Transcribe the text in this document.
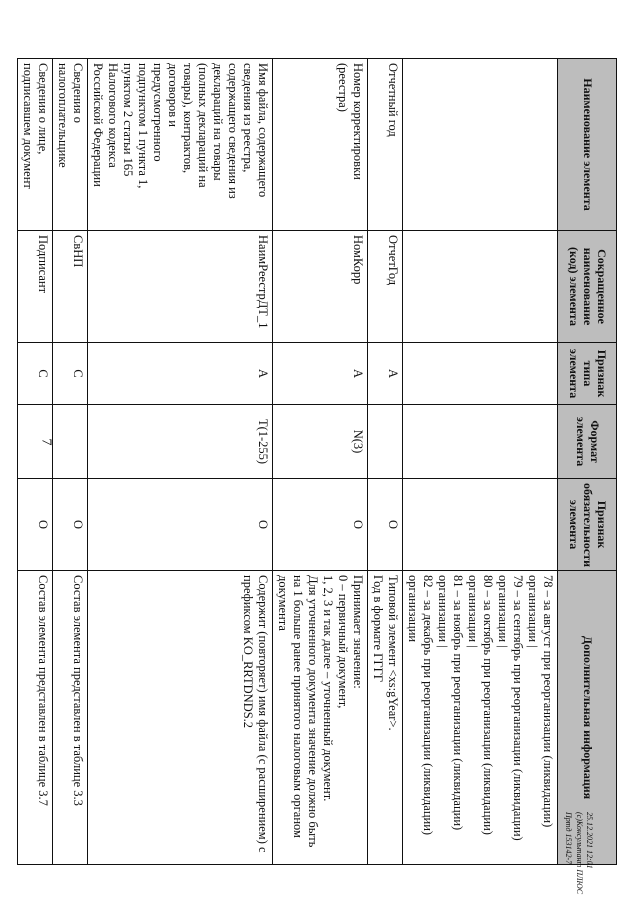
7
Наименование элемента	Сокращенное наименование (код) элемента	Признак типа элемента	Формат элемента	Признак обязательности элемента	Дополнительная информация

					78 – за август при реорганизации (ликвидации) организации |
79 – за сентябрь при реорганизации (ликвидации) организации |
80 – за октябрь при реорганизации (ликвидации) организации |
81 – за ноябрь при реорганизации (ликвидации) организации |
82 – за декабрь при реорганизации (ликвидации) организации

Отчетный год	ОтчетГод	А		О	Типовой элемент <xs:gYear>.
Год в формате ГГГГ

Номер корректировки (реестра)	НомКорр	А	N(3)	О	Принимает значение:
0 – первичный документ,
1, 2, 3 и так далее – уточненный документ.
Для уточненного документа значение должно быть на 1 больше ранее принятого налоговым органом документа

Имя файла, содержащего сведения из реестра, содержащего сведения из деклараций на товары (полных деклараций на товары), контрактов, договоров и предусмотренного подпунктом 1 пункта 1, пунктом 2 статьи 165 Налогового кодекса Российской Федерации	НаимРеестрДТ_1	А	T(1-255)	О	Содержит (повторяет) имя файла (с расширением) с префиксом KO_RRTDNDS.2

Сведения о налогоплательщике	СвНП	С		О	Состав элемента представлен в таблице 3.3

Сведения о лице, подписавшем документ	Подписант	С		О	Состав элемента представлен в таблице 3.7
25.12.2021 12:01
(c)Консультант ПЛЮС Пртд 153142-7
